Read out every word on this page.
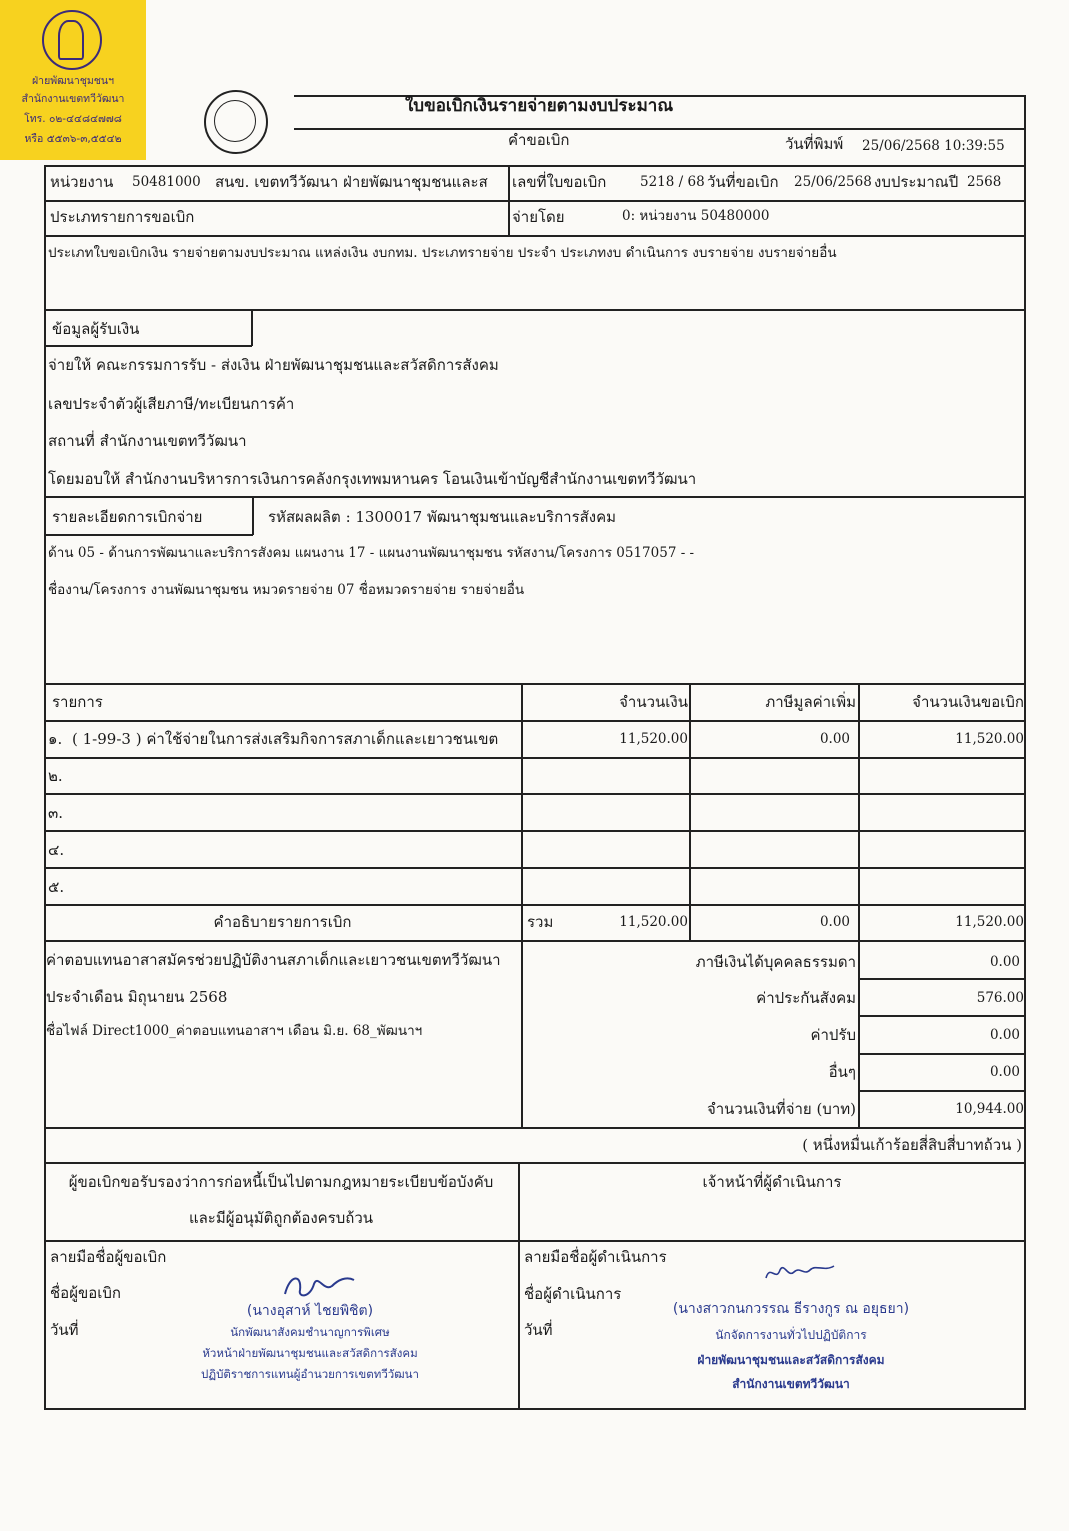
ฝ่ายพัฒนาชุมชนฯ
สำนักงานเขตทวีวัฒนา
โทร. ๐๒-๔๔๘๔๗๗๘
หรือ ๕๕๓๖-๓,๕๕๔๒
ใบขอเบิกเงินรายจ่ายตามงบประมาณ
คำขอเบิก	วันที่พิมพ์ 25/06/2568 10:39:55
หน่วยงาน 50481000 สนข. เขตทวีวัฒนา ฝ่ายพัฒนาชุมชนและส เลขที่ใบขอเบิก 5218 / 68 วันที่ขอเบิก 25/06/2568 งบประมาณปี 2568
ประเภทรายการขอเบิก	จ่ายโดย	0: หน่วยงาน 50480000
ประเภทใบขอเบิกเงิน รายจ่ายตามงบประมาณ แหล่งเงิน งบกทม. ประเภทรายจ่าย ประจำ ประเภทงบ ดำเนินการ งบรายจ่าย งบรายจ่ายอื่น
ข้อมูลผู้รับเงิน
จ่ายให้ คณะกรรมการรับ - ส่งเงิน ฝ่ายพัฒนาชุมชนและสวัสดิการสังคม
เลขประจำตัวผู้เสียภาษี/ทะเบียนการค้า
สถานที่ สำนักงานเขตทวีวัฒนา
โดยมอบให้ สำนักงานบริหารการเงินการคลังกรุงเทพมหานคร โอนเงินเข้าบัญชีสำนักงานเขตทวีวัฒนา
รายละเอียดการเบิกจ่าย	รหัสผลผลิต : 1300017 พัฒนาชุมชนและบริการสังคม
ด้าน 05 - ด้านการพัฒนาและบริการสังคม แผนงาน 17 - แผนงานพัฒนาชุมชน รหัสงาน/โครงการ 0517057 - -
ชื่องาน/โครงการ งานพัฒนาชุมชน หมวดรายจ่าย 07 ชื่อหมวดรายจ่าย รายจ่ายอื่น
รายการ	จำนวนเงิน	ภาษีมูลค่าเพิ่ม	จำนวนเงินขอเบิก
๑. ( 1-99-3 ) ค่าใช้จ่ายในการส่งเสริมกิจการสภาเด็กและเยาวชนเขต	11,520.00	0.00	11,520.00
๒.
๓.
๔.
๕.
คำอธิบายรายการเบิก	รวม	11,520.00	0.00	11,520.00
ค่าตอบแทนอาสาสมัครช่วยปฏิบัติงานสภาเด็กและเยาวชนเขตทวีวัฒนา
ประจำเดือน มิถุนายน 2568
ชื่อไฟล์ Direct1000_ค่าตอบแทนอาสาฯ เดือน มิ.ย. 68_พัฒนาฯ
ภาษีเงินได้บุคคลธรรมดา	0.00
ค่าประกันสังคม	576.00
ค่าปรับ	0.00
อื่นๆ	0.00
จำนวนเงินที่จ่าย (บาท)	10,944.00
( หนึ่งหมื่นเก้าร้อยสี่สิบสี่บาทถ้วน )
ผู้ขอเบิกขอรับรองว่าการก่อหนี้เป็นไปตามกฎหมายระเบียบข้อบังคับ
และมีผู้อนุมัติถูกต้องครบถ้วน
เจ้าหน้าที่ผู้ดำเนินการ
ลายมือชื่อผู้ขอเบิก
ชื่อผู้ขอเบิก
วันที่
(นางอุสาห์ ไชยพิชิต)
นักพัฒนาสังคมชำนาญการพิเศษ
หัวหน้าฝ่ายพัฒนาชุมชนและสวัสดิการสังคม
ปฏิบัติราชการแทนผู้อำนวยการเขตทวีวัฒนา
ลายมือชื่อผู้ดำเนินการ
ชื่อผู้ดำเนินการ
วันที่
(นางสาวกนกวรรณ ธีรางกูร ณ อยุธยา)
นักจัดการงานทั่วไปปฏิบัติการ
ฝ่ายพัฒนาชุมชนและสวัสดิการสังคม
สำนักงานเขตทวีวัฒนา
